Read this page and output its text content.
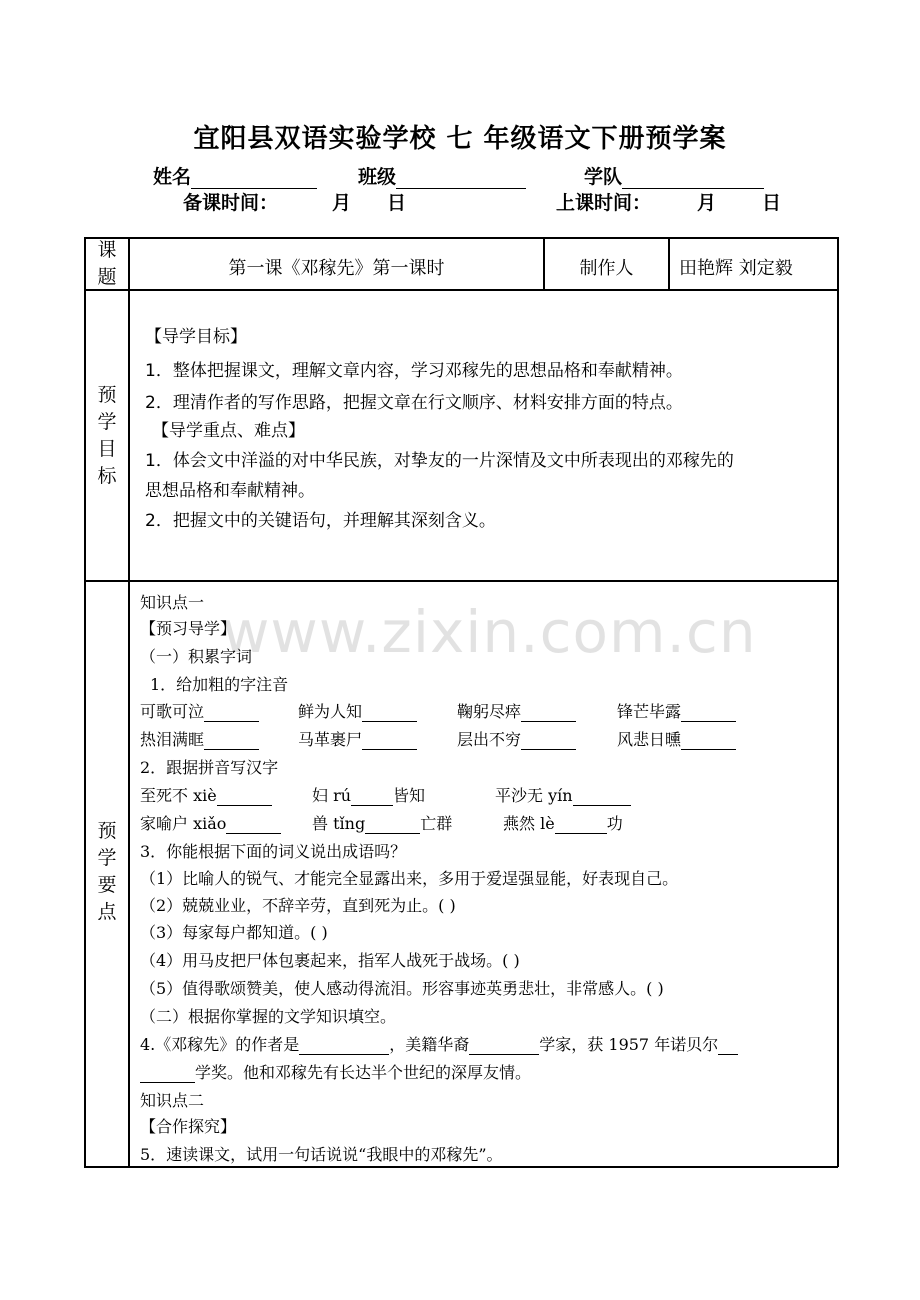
宜阳县双语实验学校 七 年级语文下册预学案
姓名	班级	学队
备课时间：	月 日	上课时间： 月 日
课
题	第一课《邓稼先》第一课时	制作人	田艳辉 刘定毅
预
学
目
标
【导学目标】
1．整体把握课文，理解文章内容，学习邓稼先的思想品格和奉献精神。
2．理清作者的写作思路，把握文章在行文顺序、材料安排方面的特点。
【导学重点、难点】
1．体会文中洋溢的对中华民族，对挚友的一片深情及文中所表现出的邓稼先的
思想品格和奉献精神。
2．把握文中的关键语句，并理解其深刻含义。
预
学
要
点
知识点一
【预习导学】
（一）积累字词
1．给加粗的字注音
可歌可泣	鲜为人知	鞠躬尽瘁	锋芒毕露
热泪满眶	马革裹尸	层出不穷	风悲日曛
2．跟据拼音写汉字
至死不 xiè	妇 rú	皆知	平沙无 yín
家喻户 xiǎo	兽 tǐng	亡群	燕然 lè	功
3．你能根据下面的词义说出成语吗？
（1）比喻人的锐气、才能完全显露出来，多用于爱逞强显能，好表现自己。
（2）兢兢业业，不辞辛劳，直到死为止。( )
（3）每家每户都知道。( )
（4）用马皮把尸体包裹起来，指军人战死于战场。( )
（5）值得歌颂赞美，使人感动得流泪。形容事迹英勇悲壮，非常感人。( )
（二）根据你掌握的文学知识填空。
4.《邓稼先》的作者是	，美籍华裔	学家，获 1957 年诺贝尔
学奖。他和邓稼先有长达半个世纪的深厚友情。
知识点二
【合作探究】
5．速读课文，试用一句话说说“我眼中的邓稼先”。
www.zixin.com.cn
